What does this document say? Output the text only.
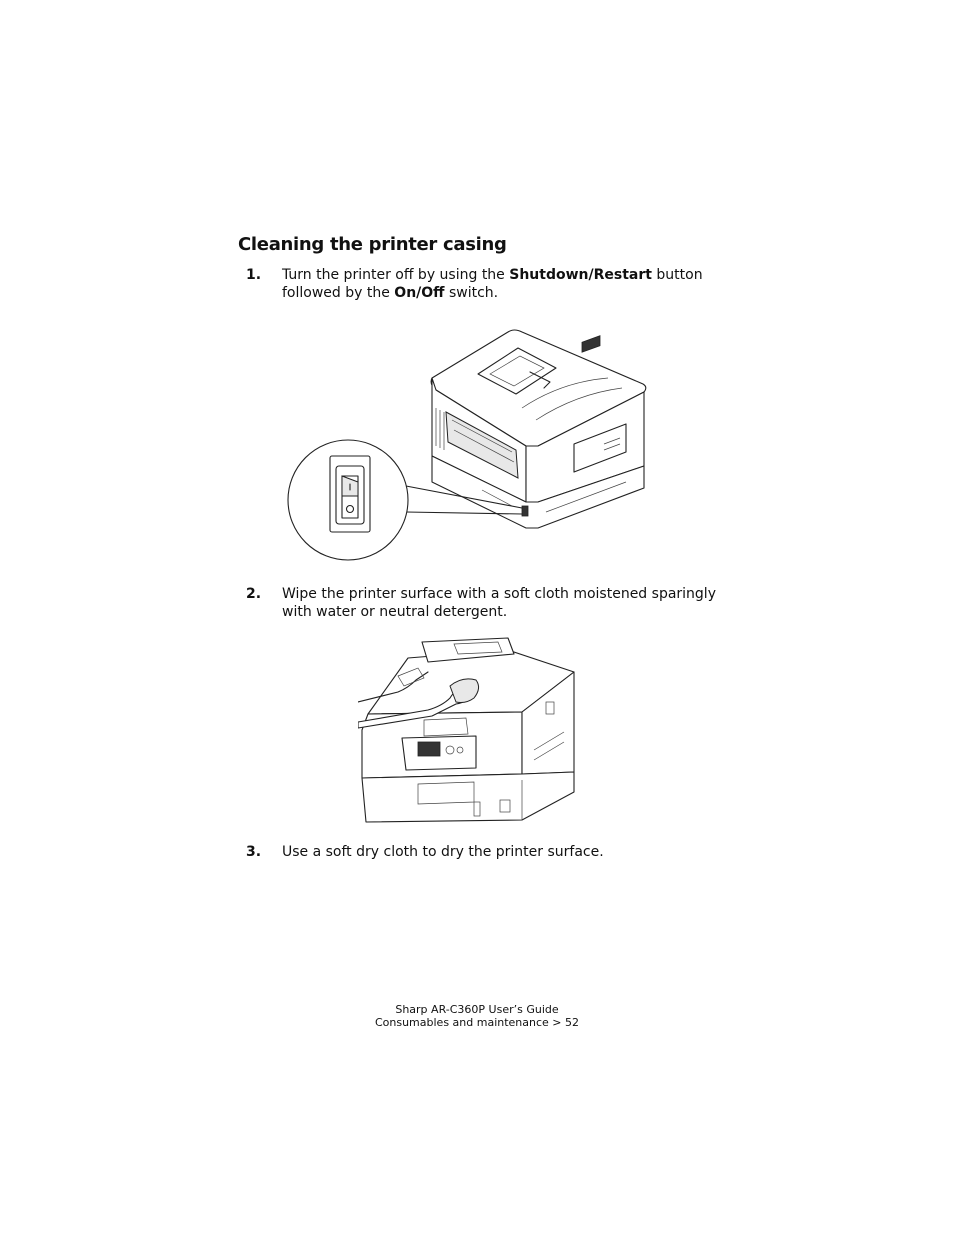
Cleaning the printer casing
1. Turn the printer off by using the Shutdown/Restart button followed by the On/Off switch.
2. Wipe the printer surface with a soft cloth moistened sparingly with water or neutral detergent.
3. Use a soft dry cloth to dry the printer surface.
Sharp AR-C360P User’s Guide
Consumables and maintenance > 52
